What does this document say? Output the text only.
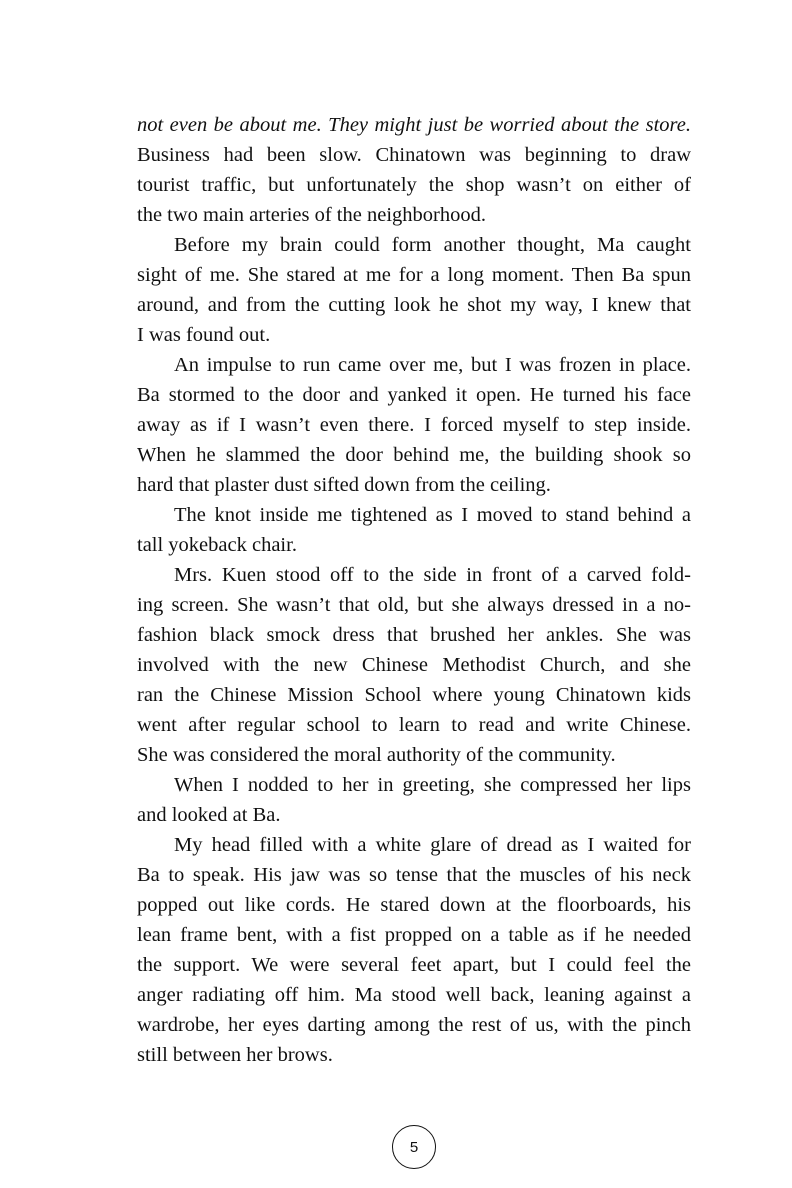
not even be about me. They might just be worried about the store.
Business had been slow. Chinatown was beginning to draw
tourist traffic, but unfortunately the shop wasn’t on either of
the two main arteries of the neighborhood.
Before my brain could form another thought, Ma caught
sight of me. She stared at me for a long moment. Then Ba spun
around, and from the cutting look he shot my way, I knew that
I was found out.
An impulse to run came over me, but I was frozen in place.
Ba stormed to the door and yanked it open. He turned his face
away as if I wasn’t even there. I forced myself to step inside.
When he slammed the door behind me, the building shook so
hard that plaster dust sifted down from the ceiling.
The knot inside me tightened as I moved to stand behind a
tall yokeback chair.
Mrs. Kuen stood off to the side in front of a carved fold-
ing screen. She wasn’t that old, but she always dressed in a no-
fashion black smock dress that brushed her ankles. She was
involved with the new Chinese Methodist Church, and she
ran the Chinese Mission School where young Chinatown kids
went after regular school to learn to read and write Chinese.
She was considered the moral authority of the community.
When I nodded to her in greeting, she compressed her lips
and looked at Ba.
My head filled with a white glare of dread as I waited for
Ba to speak. His jaw was so tense that the muscles of his neck
popped out like cords. He stared down at the floorboards, his
lean frame bent, with a fist propped on a table as if he needed
the support. We were several feet apart, but I could feel the
anger radiating off him. Ma stood well back, leaning against a
wardrobe, her eyes darting among the rest of us, with the pinch
still between her brows.
5
